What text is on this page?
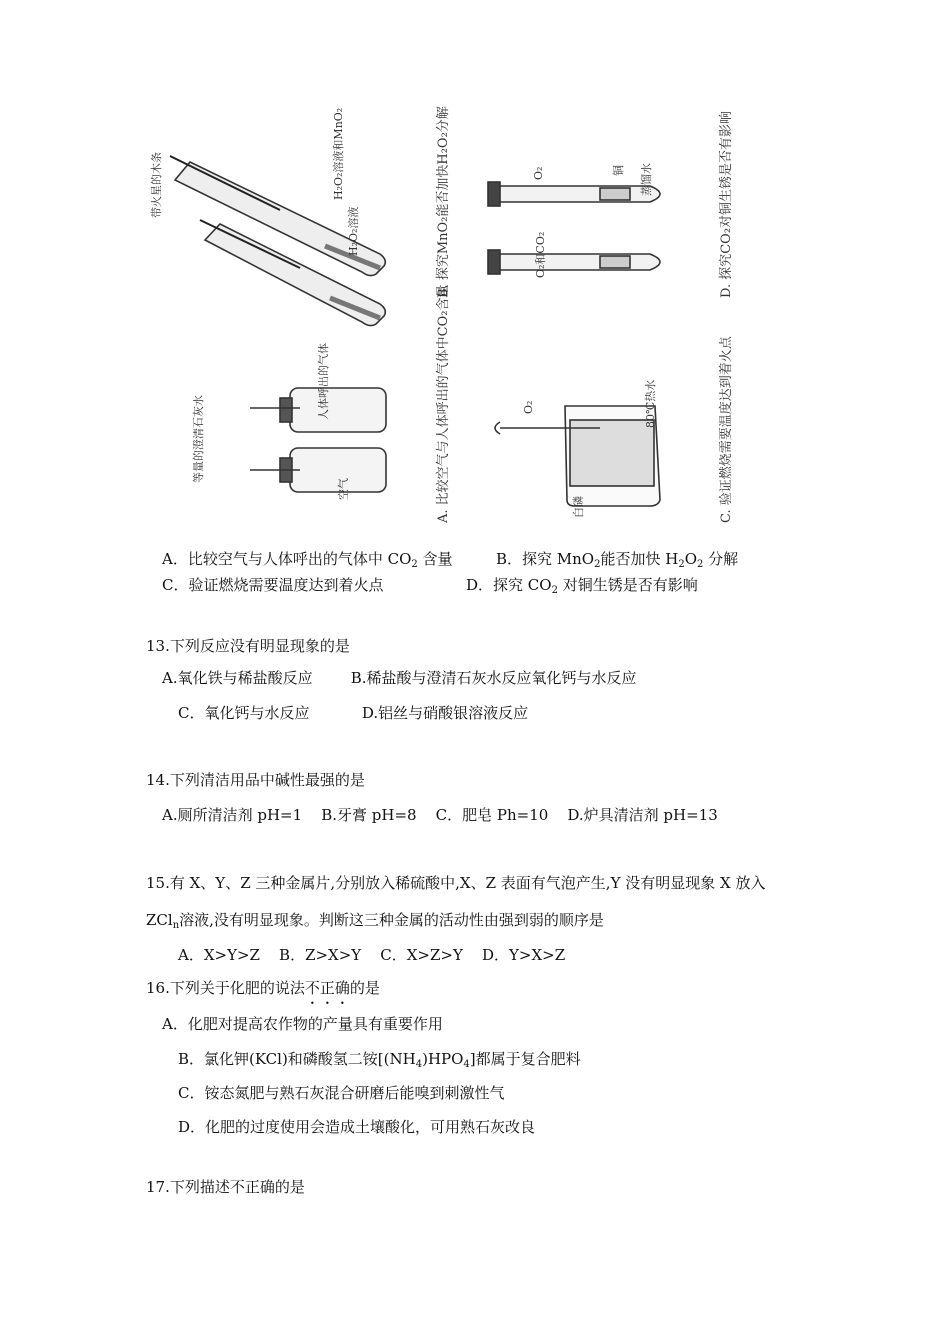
B. 探究MnO₂能否加快H₂O₂分解	D. 探究CO₂对铜生锈是否有影响
A. 比较空气与人体呼出的气体中CO₂含量	C. 验证燃烧需要温度达到着火点
带火星的木条	H₂O₂溶液和MnO₂
H₂O₂溶液
等量的澄清石灰水
空气
人体呼出的气体	O₂	80℃热水
白磷
O₂
O₂和CO₂
铜 蒸馏水
A．比较空气与人体呼出的气体中 $CO_2$ 含量	B．探究 MnO$_2$能否加快 $H_2O_2$ 分解
C．验证燃烧需要温度达到着火点	D．探究 $CO_2$ 对铜生锈是否有影响
13.下列反应没有明显现象的是
A.氧化铁与稀盐酸反应        B.稀盐酸与澄清石灰水反应氧化钙与水反应
C．氧化钙与水反应           D.铝丝与硝酸银溶液反应
14.下列清洁用品中碱性最强的是
A.厕所清洁剂 pH=1    B.牙膏 pH=8    C．肥皂 Ph=10    D.炉具清洁剂 pH=13
15.有 X、Y、Z 三种金属片,分别放入稀硫酸中,X、Z 表面有气泡产生,Y 没有明显现象 X 放入
ZCl$_n$溶液,没有明显现象。判断这三种金属的活动性由强到弱的顺序是
A．X>Y>Z    B．Z>X>Y    C．X>Z>Y    D．Y>X>Z
16.下列关于化肥的说法不正确的是
A．化肥对提高农作物的产量具有重要作用
B．氯化钾(KCl)和磷酸氢二铵$[(NH_4)HPO_4]$都属于复合肥料
C．铵态氮肥与熟石灰混合研磨后能嗅到刺激性气
D．化肥的过度使用会造成土壤酸化，可用熟石灰改良
17.下列描述不正确的是
